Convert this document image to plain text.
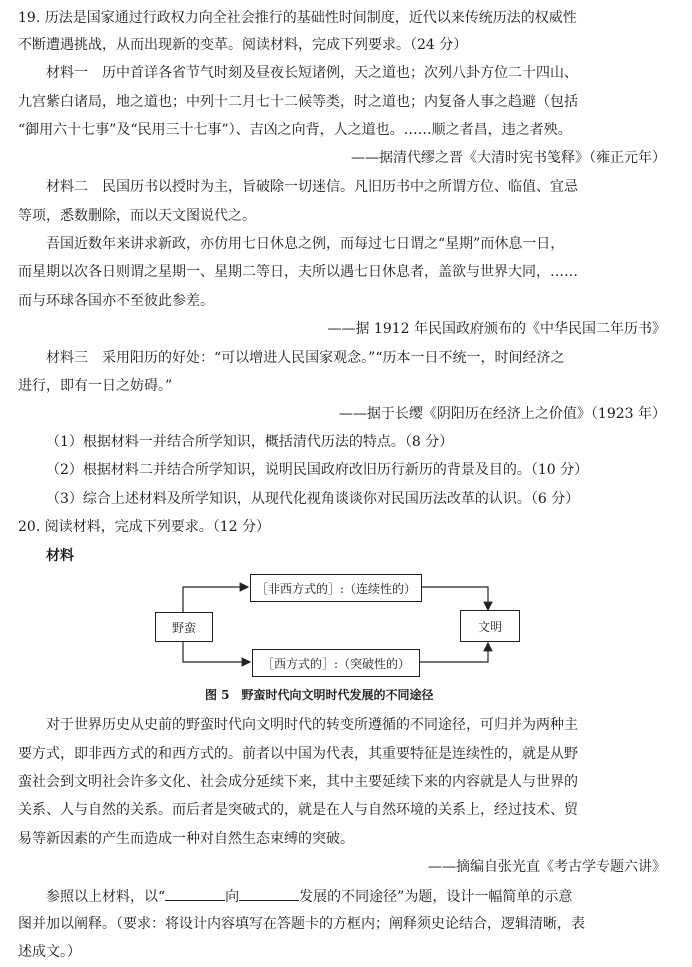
19. 历法是国家通过行政权力向全社会推行的基础性时间制度，近代以来传统历法的权威性
不断遭遇挑战，从而出现新的变革。阅读材料，完成下列要求。（24 分）
材料一　历中首详各省节气时刻及昼夜长短诸例，天之道也；次列八卦方位二十四山、
九宫紫白诸局，地之道也；中列十二月七十二候等类，时之道也；内复备人事之趋避（包括
“御用六十七事”及“民用三十七事”）、吉凶之向背，人之道也。……顺之者昌，违之者殃。
——据清代缪之晋《大清时宪书笺释》（雍正元年）
材料二　民国历书以授时为主，旨破除一切迷信。凡旧历书中之所谓方位、临值、宜忌
等项，悉数删除，而以天文图说代之。
吾国近数年来讲求新政，亦仿用七日休息之例，而每过七日谓之“星期”而休息一日，
而星期以次各日则谓之星期一、星期二等日，夫所以遇七日休息者，盖欲与世界大同，……
而与环球各国亦不至彼此参差。
——据 1912 年民国政府颁布的《中华民国二年历书》
材料三　采用阳历的好处：“可以增进人民国家观念。”“历本一日不统一，时间经济之
进行，即有一日之妨碍。”
——据于长缨《阴阳历在经济上之价值》（1923 年）
（1）根据材料一并结合所学知识，概括清代历法的特点。（8 分）
（2）根据材料二并结合所学知识，说明民国政府改旧历行新历的背景及目的。（10 分）
（3）综合上述材料及所学知识，从现代化视角谈谈你对民国历法改革的认识。（6 分）
20. 阅读材料，完成下列要求。（12 分）
材料
野蛮	文明
［非西方式的］:（连续性的）
［西方式的］:（突破性的）
图 5　野蛮时代向文明时代发展的不同途径
对于世界历史从史前的野蛮时代向文明时代的转变所遵循的不同途径，可归并为两种主
要方式，即非西方式的和西方式的。前者以中国为代表，其重要特征是连续性的，就是从野
蛮社会到文明社会许多文化、社会成分延续下来，其中主要延续下来的内容就是人与世界的
关系、人与自然的关系。而后者是突破式的，就是在人与自然环境的关系上，经过技术、贸
易等新因素的产生而造成一种对自然生态束缚的突破。
——摘编自张光直《考古学专题六讲》
参照以上材料，以“	向	发展的不同途径”为题，设计一幅简单的示意
图并加以阐释。（要求：将设计内容填写在答题卡的方框内；阐释须史论结合，逻辑清晰，表
述成文。）
